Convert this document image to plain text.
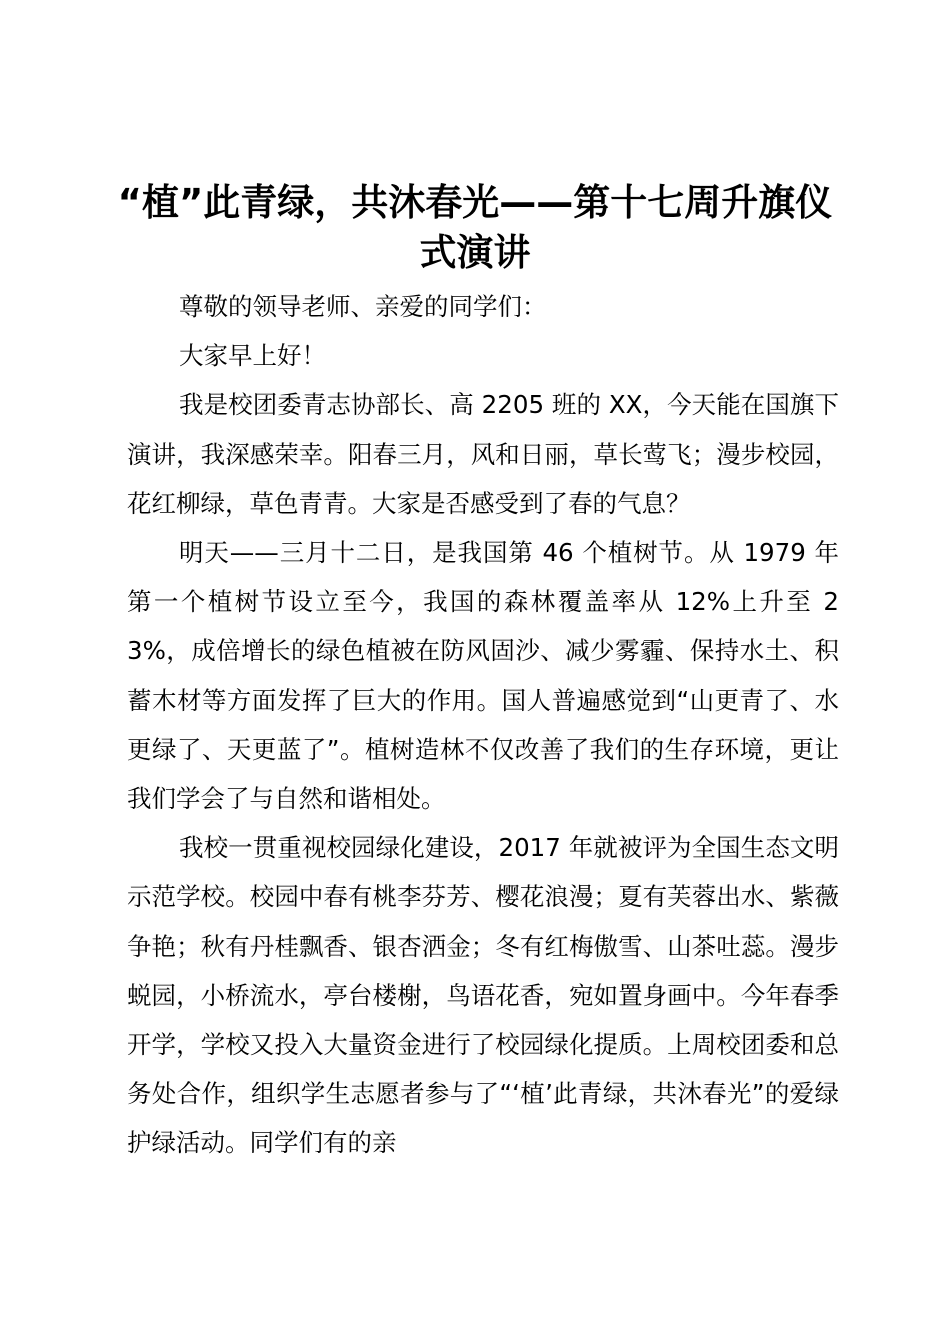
“植”此青绿，共沐春光——第十七周升旗仪式演讲

尊敬的领导老师、亲爱的同学们：

大家早上好！

我是校团委青志协部长、高 2205 班的 XX，今天能在国旗下演讲，我深感荣幸。阳春三月，风和日丽，草长莺飞；漫步校园，花红柳绿，草色青青。大家是否感受到了春的气息？

明天——三月十二日，是我国第 46 个植树节。从 1979 年第一个植树节设立至今，我国的森林覆盖率从 12%上升至 23%，成倍增长的绿色植被在防风固沙、减少雾霾、保持水土、积蓄木材等方面发挥了巨大的作用。国人普遍感觉到“山更青了、水更绿了、天更蓝了”。植树造林不仅改善了我们的生存环境，更让我们学会了与自然和谐相处。

我校一贯重视校园绿化建设，2017 年就被评为全国生态文明示范学校。校园中春有桃李芬芳、樱花浪漫；夏有芙蓉出水、紫薇争艳；秋有丹桂飘香、银杏洒金；冬有红梅傲雪、山茶吐蕊。漫步蜕园，小桥流水，亭台楼榭，鸟语花香，宛如置身画中。今年春季开学，学校又投入大量资金进行了校园绿化提质。上周校团委和总务处合作，组织学生志愿者参与了“‘植’此青绿，共沐春光”的爱绿护绿活动。同学们有的亲
